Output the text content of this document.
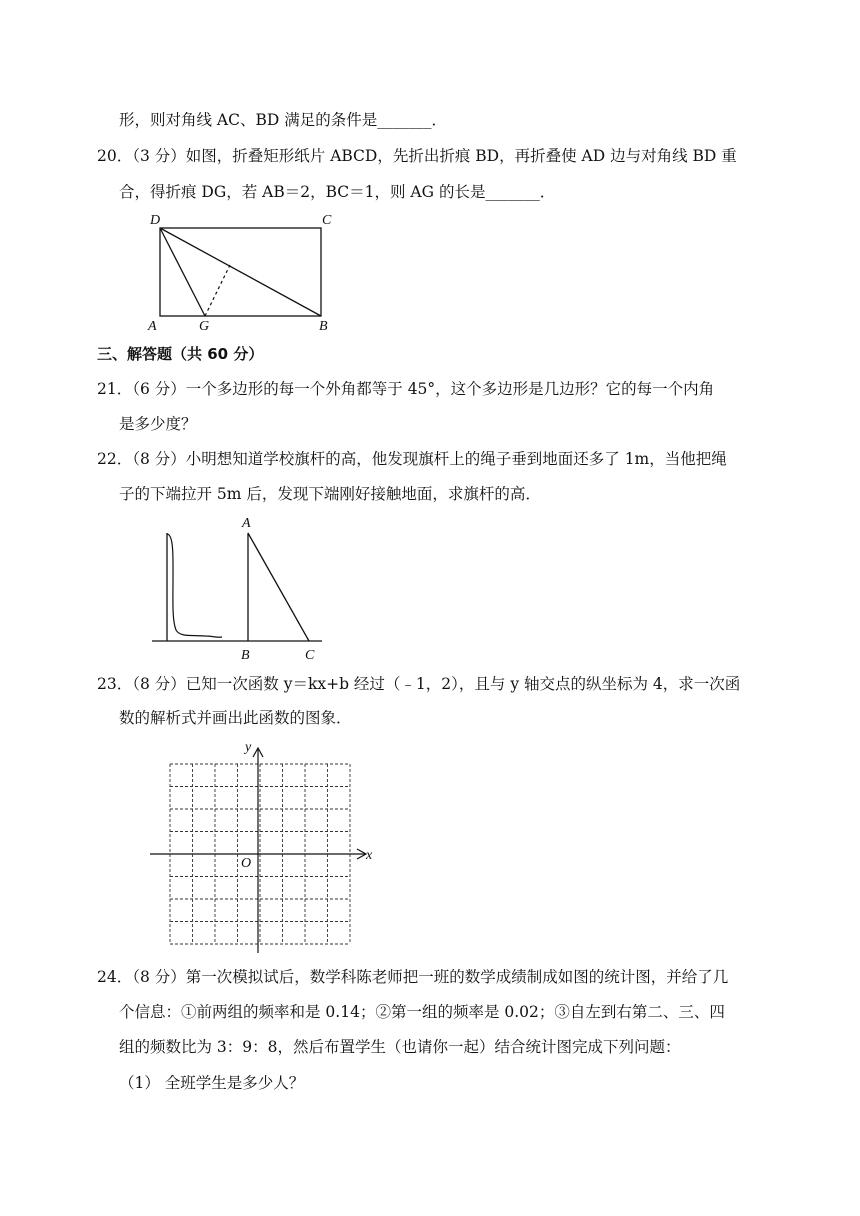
形，则对角线 AC、BD 满足的条件是_______．
20．（3 分）如图，折叠矩形纸片 ABCD，先折出折痕 BD，再折叠使 AD 边与对角线 BD 重
合，得折痕 DG，若 AB＝2，BC＝1，则 AG 的长是_______．
D	C
A	G	B
三、解答题（共 60 分）
21．（6 分）一个多边形的每一个外角都等于 45°，这个多边形是几边形？它的每一个内角
是多少度？
22．（8 分）小明想知道学校旗杆的高，他发现旗杆上的绳子垂到地面还多了 1m，当他把绳
子的下端拉开 5m 后，发现下端刚好接触地面，求旗杆的高．
A
B	C
23．（8 分）已知一次函数 y＝kx+b 经过（﹣1，2），且与 y 轴交点的纵坐标为 4，求一次函
数的解析式并画出此函数的图象．
y
x
O
24．（8 分）第一次模拟试后，数学科陈老师把一班的数学成绩制成如图的统计图，并给了几
个信息：①前两组的频率和是 0.14；②第一组的频率是 0.02；③自左到右第二、三、四
组的频数比为 3：9：8，然后布置学生（也请你一起）结合统计图完成下列问题：
（1） 全班学生是多少人？
